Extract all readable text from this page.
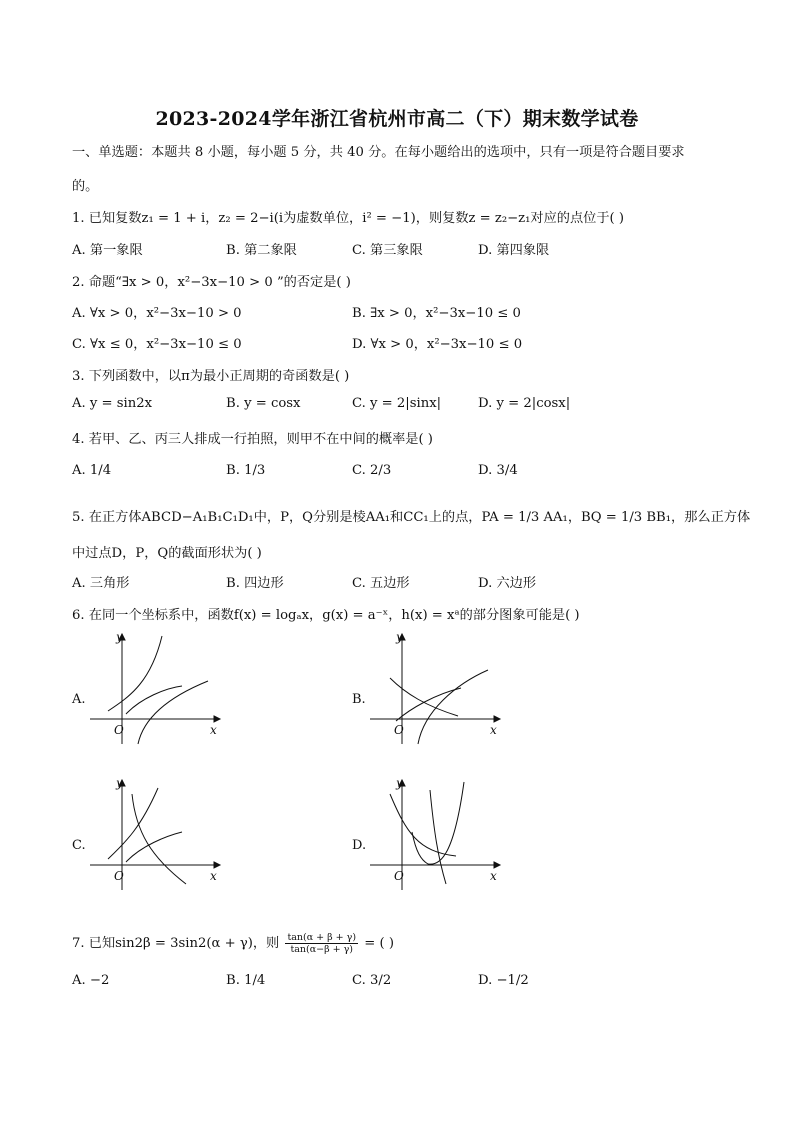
2023-2024学年浙江省杭州市高二（下）期末数学试卷
一、单选题：本题共 8 小题，每小题 5 分，共 40 分。在每小题给出的选项中，只有一项是符合题目要求
的。
1. 已知复数z₁ = 1 + i，z₂ = 2−i(i为虚数单位，i² = −1)，则复数z = z₂−z₁对应的点位于( )
A. 第一象限	B. 第二象限	C. 第三象限	D. 第四象限
2. 命题“∃x > 0，x²−3x−10 > 0 ”的否定是( )
A. ∀x > 0，x²−3x−10 > 0	B. ∃x > 0，x²−3x−10 ≤ 0
C. ∀x ≤ 0，x²−3x−10 ≤ 0	D. ∀x > 0，x²−3x−10 ≤ 0
3. 下列函数中，以π为最小正周期的奇函数是( )
A. y = sin2x	B. y = cosx	C. y = 2|sinx|	D. y = 2|cosx|
4. 若甲、乙、丙三人排成一行拍照，则甲不在中间的概率是( )
A. 1/4	B. 1/3	C. 2/3	D. 3/4
5. 在正方体ABCD−A₁B₁C₁D₁中，P，Q分别是棱AA₁和CC₁上的点，PA = 1/3 AA₁，BQ = 1/3 BB₁，那么正方体
中过点D，P，Q的截面形状为( )
A. 三角形	B. 四边形	C. 五边形	D. 六边形
6. 在同一个坐标系中，函数f(x) = logₐx，g(x) = a⁻ˣ，h(x) = xᵃ的部分图象可能是( )
A.	B.
C.	D.
y
x
O
y
x
O
y
x
O
y
x
O
7. 已知sin2β = 3sin2(α + γ)，则 $\frac{\tan(\alpha + \beta + \gamma)}{\tan(\alpha-\beta + \gamma)}$ = ( )
A. −2	B. 1/4	C. 3/2	D. −1/2
